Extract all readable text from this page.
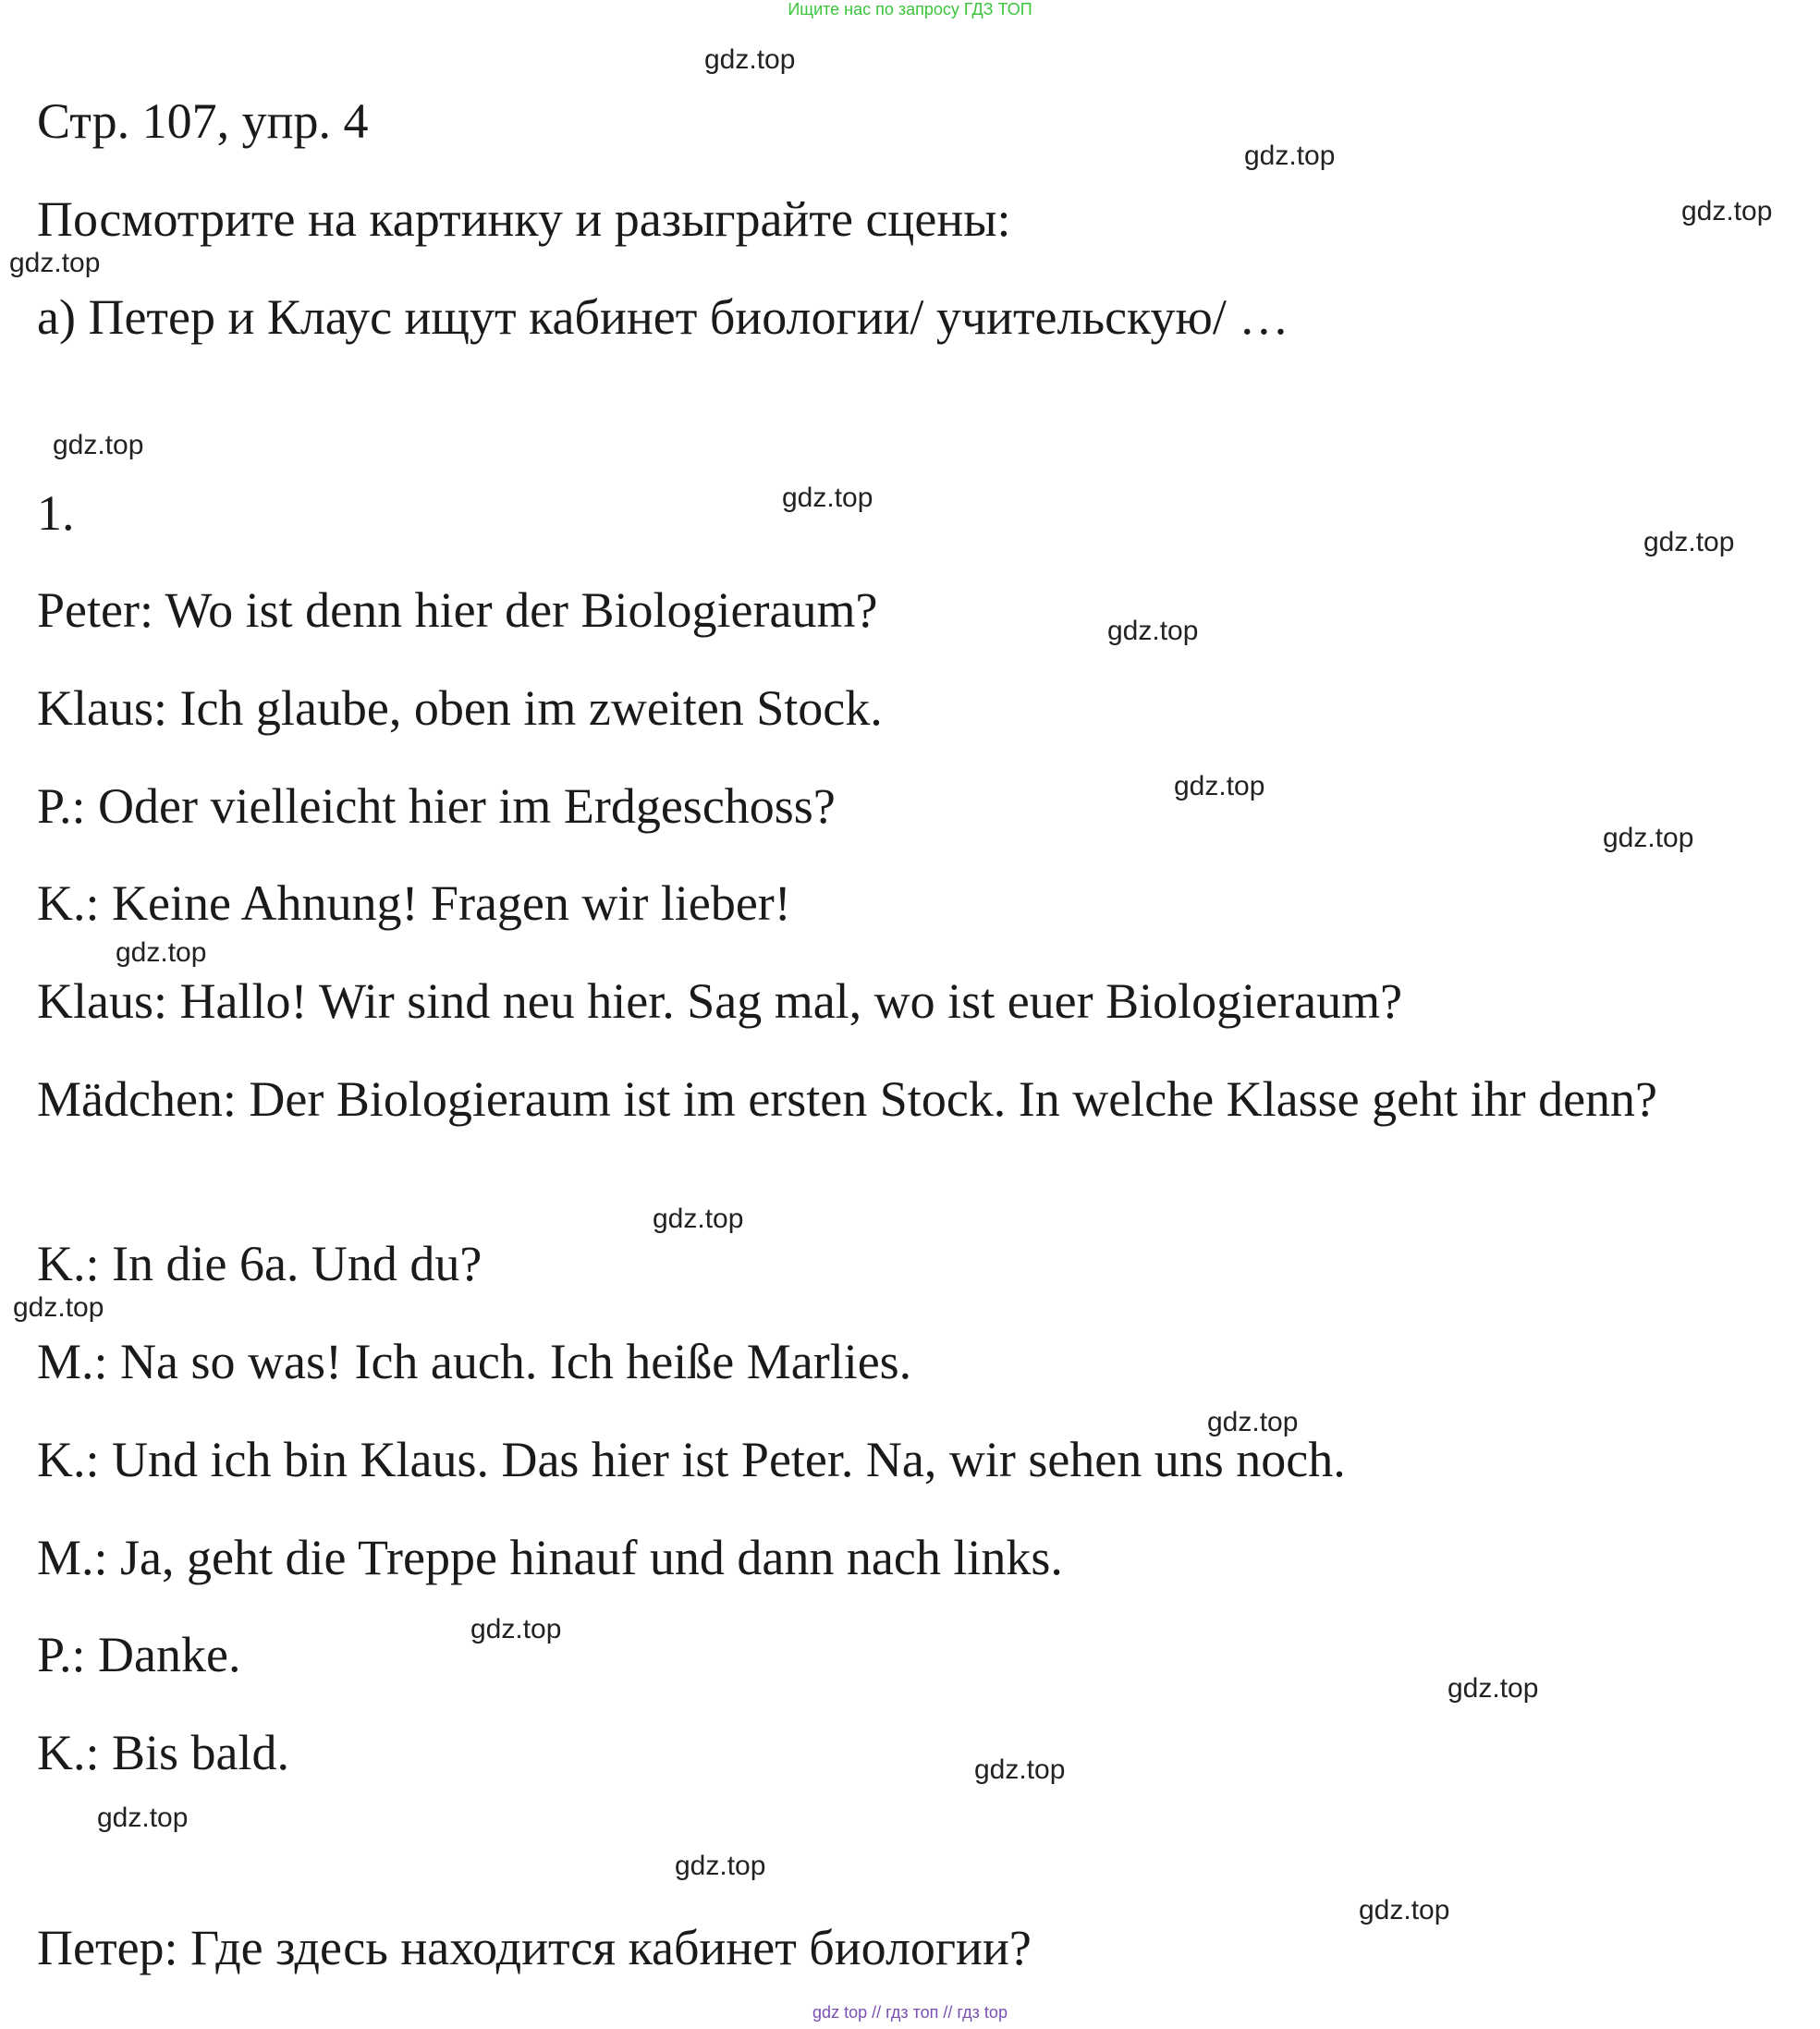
Ищите нас по запросу ГДЗ ТОП
Стр. 107, упр. 4
Посмотрите на картинку и разыграйте сцены:
а) Петер и Клаус ищут кабинет биологии/ учительскую/ …
1.
Peter: Wo ist denn hier der Biologieraum?
Klaus: Ich glaube, oben im zweiten Stock.
P.: Oder vielleicht hier im Erdgeschoss?
K.: Keine Ahnung! Fragen wir lieber!
Klaus: Hallo! Wir sind neu hier. Sag mal, wo ist euer Biologieraum?
Mädchen: Der Biologieraum ist im ersten Stock. In welche Klasse geht ihr denn?
K.: In die 6a. Und du?
M.: Na so was! Ich auch. Ich heiße Marlies.
K.: Und ich bin Klaus. Das hier ist Peter. Na, wir sehen uns noch.
M.: Ja, geht die Treppe hinauf und dann nach links.
P.: Danke.
K.: Bis bald.
Петер: Где здесь находится кабинет биологии?
gdz.top
gdz.top
gdz.top
gdz.top
gdz.top
gdz.top
gdz.top
gdz.top
gdz.top
gdz.top
gdz.top
gdz.top
gdz.top
gdz.top
gdz.top
gdz.top
gdz.top
gdz.top
gdz.top
gdz.top
gdz top // гдз топ // гдз top
